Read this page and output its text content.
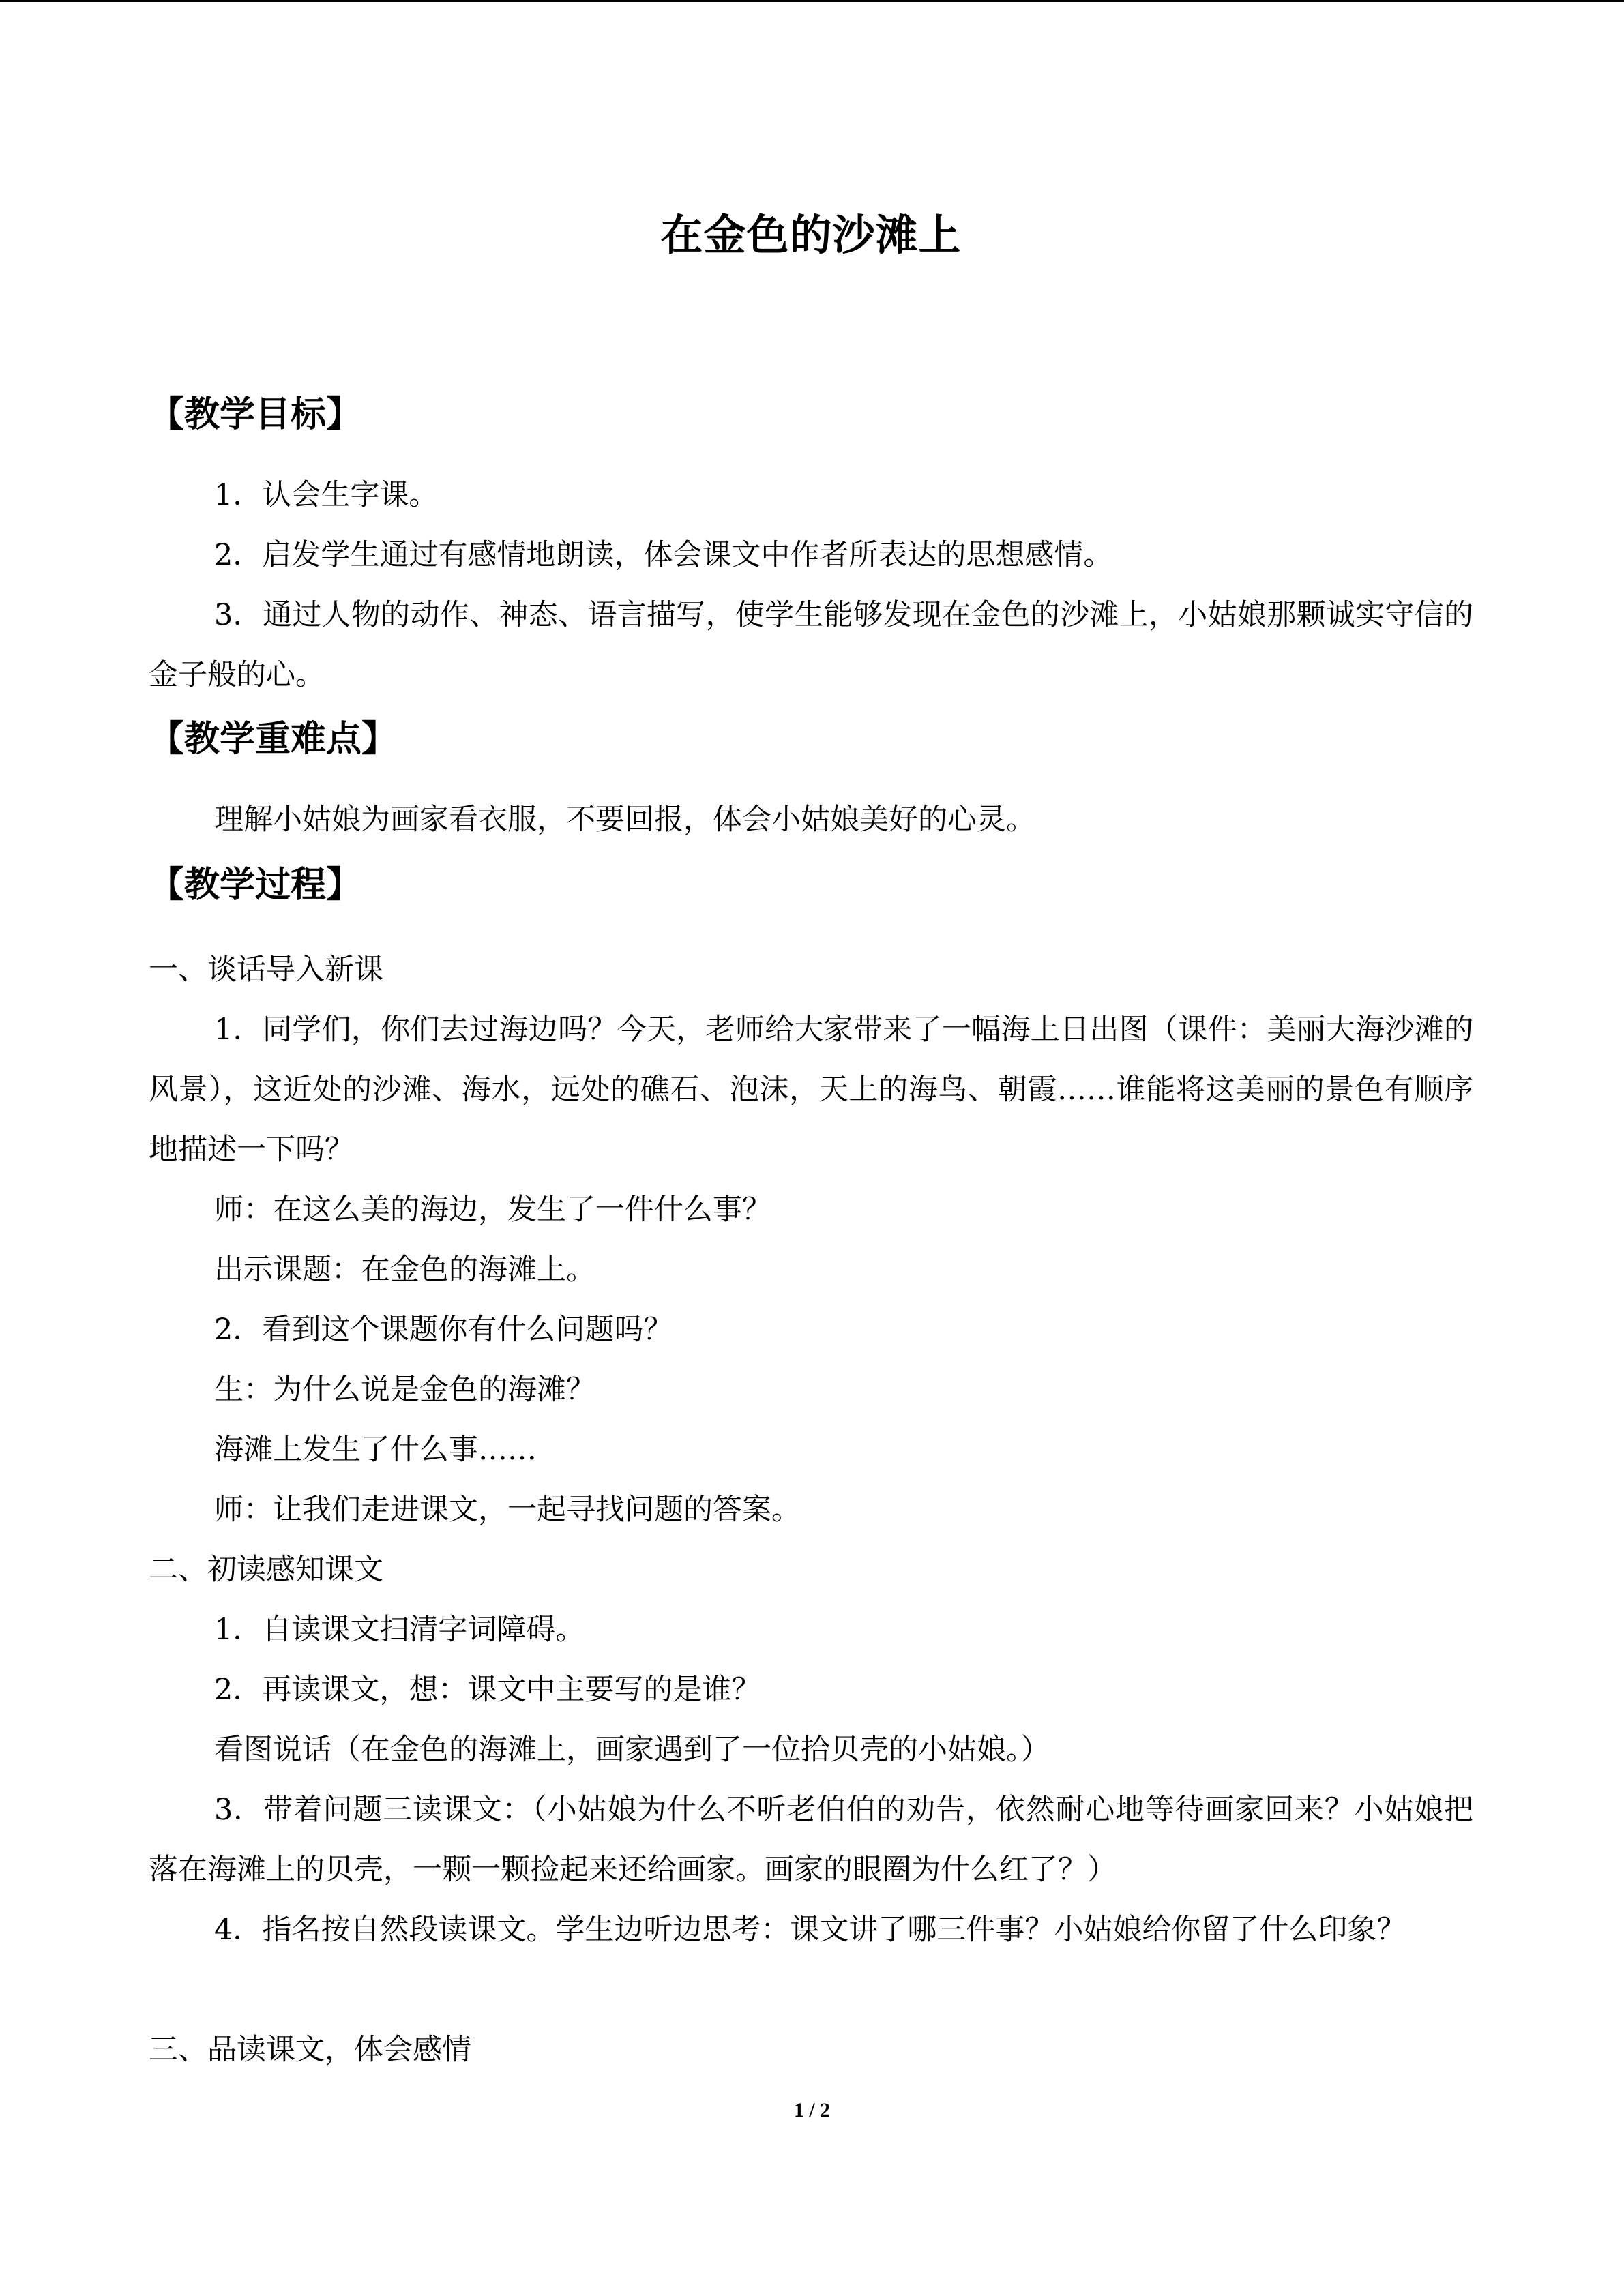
在金色的沙滩上
【教学目标】
1．认会生字课。
2．启发学生通过有感情地朗读，体会课文中作者所表达的思想感情。
3．通过人物的动作、神态、语言描写，使学生能够发现在金色的沙滩上，小姑娘那颗诚实守信的金子般的心。
【教学重难点】
理解小姑娘为画家看衣服，不要回报，体会小姑娘美好的心灵。
【教学过程】
一、谈话导入新课
1．同学们，你们去过海边吗？今天，老师给大家带来了一幅海上日出图（课件：美丽大海沙滩的风景），这近处的沙滩、海水，远处的礁石、泡沫，天上的海鸟、朝霞……谁能将这美丽的景色有顺序地描述一下吗？
师：在这么美的海边，发生了一件什么事？
出示课题：在金色的海滩上。
2．看到这个课题你有什么问题吗？
生：为什么说是金色的海滩？
海滩上发生了什么事……
师：让我们走进课文，一起寻找问题的答案。
二、初读感知课文
1．自读课文扫清字词障碍。
2．再读课文，想：课文中主要写的是谁？
看图说话（在金色的海滩上，画家遇到了一位拾贝壳的小姑娘。）
3．带着问题三读课文：（小姑娘为什么不听老伯伯的劝告，依然耐心地等待画家回来？小姑娘把落在海滩上的贝壳，一颗一颗捡起来还给画家。画家的眼圈为什么红了？）
4．指名按自然段读课文。学生边听边思考：课文讲了哪三件事？小姑娘给你留了什么印象？
三、品读课文，体会感情
1 / 2
